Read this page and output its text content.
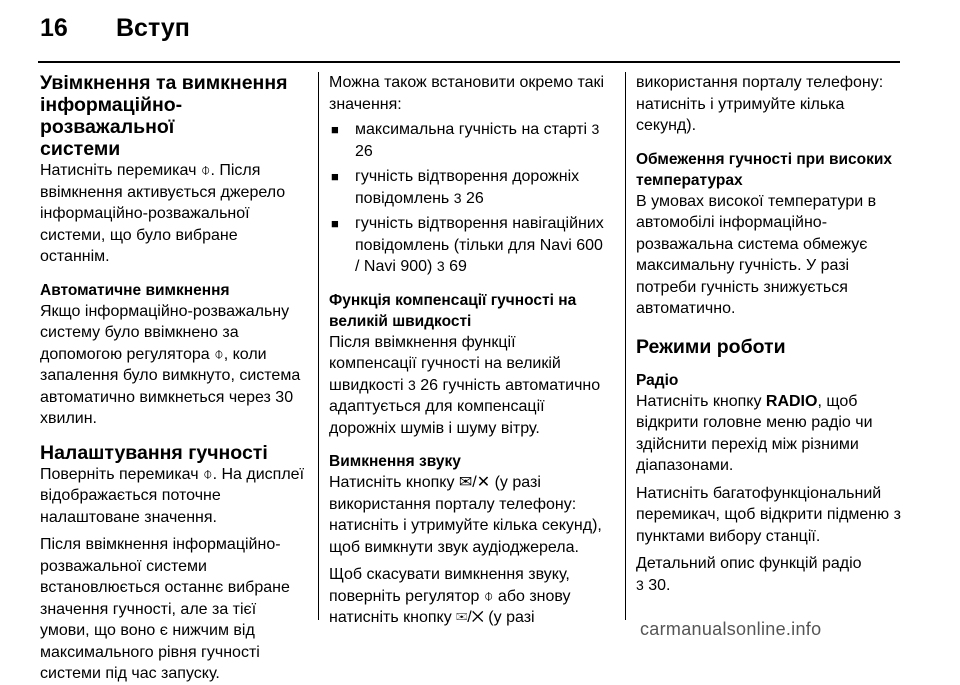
16 Вступ
Увімкнення та вимкнення
інформаційно-розважальної
системи

Натисніть перемикач ⌽. Після ввімкнення активується джерело інформаційно-розважальної системи, що було вибране останнім.

Автоматичне вимкнення

Якщо інформаційно-розважальну систему було ввімкнено за допомогою регулятора ⌽, коли запалення було вимкнуто, система автоматично вимкнеться через 30 хвилин.

Налаштування гучності

Поверніть перемикач ⌽. На дисплеї відображається поточне налаштоване значення.

Після ввімкнення інформаційно-розважальної системи встановлюється останнє вибране значення гучності, але за тієї умови, що воно є нижчим від максимального рівня гучності системи під час запуску.

Можна також встановити окремо такі значення:

■ максимальна гучність на старті 3 26
■ гучність відтворення дорожніх повідомлень 3 26
■ гучність відтворення навігаційних повідомлень (тільки для Navi 600 / Navi 900) 3 69
Функція компенсації гучності на
великій швидкості

Після ввімкнення функції компенсації гучності на великій швидкості 3 26 гучність автоматично адаптується для компенсації дорожніх шумів і шуму вітру.

Вимкнення звуку

Натисніть кнопку ✉/✕ (у разі використання порталу телефону: натисніть і утримуйте кілька секунд), щоб вимкнути звук аудіоджерела.

Щоб скасувати вимкнення звуку, поверніть регулятор ⌽ або знову натисніть кнопку ✉/✕ (у разі

використання порталу телефону: натисніть і утримуйте кілька секунд).

Обмеження гучності при високих
температурах

В умовах високої температури в автомобілі інформаційно-розважальна система обмежує максимальну гучність. У разі потреби гучність знижується автоматично.

Режими роботи
Радіо

Натисніть кнопку RADIO, щоб відкрити головне меню радіо чи здійснити перехід між різними діапазонами.

Натисніть багатофункціональний перемикач, щоб відкрити підменю з пунктами вибору станції.

Детальний опис функцій радіо
3 30.

carmanualsonline.info
